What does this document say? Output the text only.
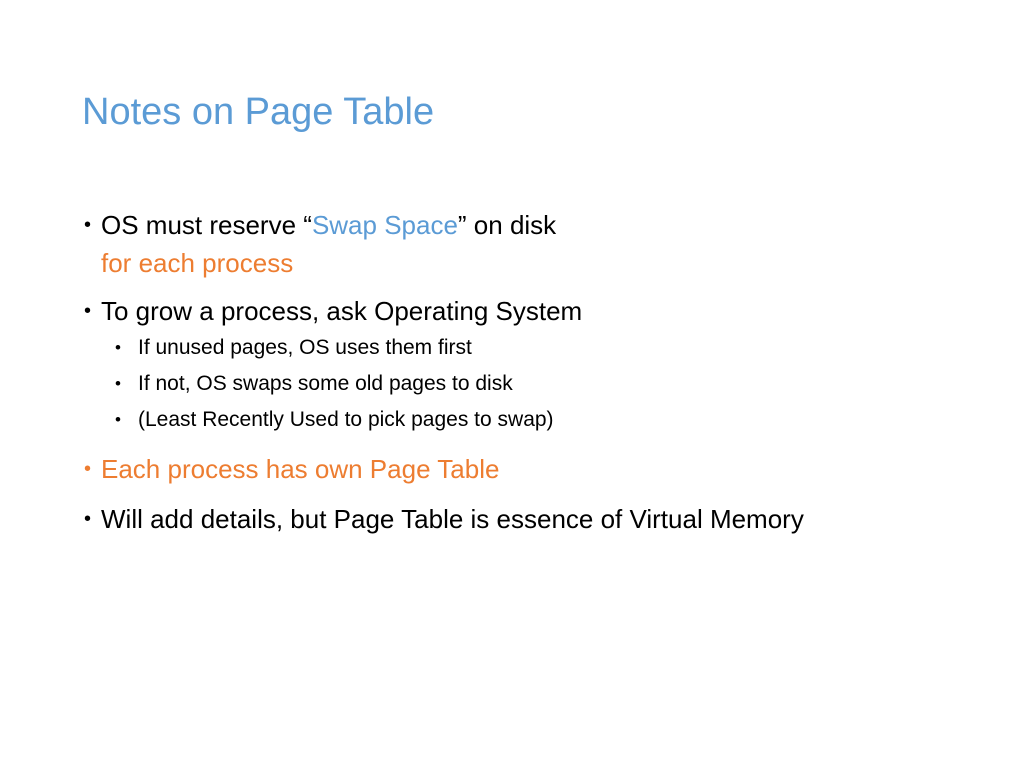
Notes on Page Table
• OS must reserve “Swap Space” on disk
for each process
• To grow a process, ask Operating System
• If unused pages, OS uses them first
• If not, OS swaps some old pages to disk
• (Least Recently Used to pick pages to swap)
• Each process has own Page Table
• Will add details, but Page Table is essence of Virtual Memory
